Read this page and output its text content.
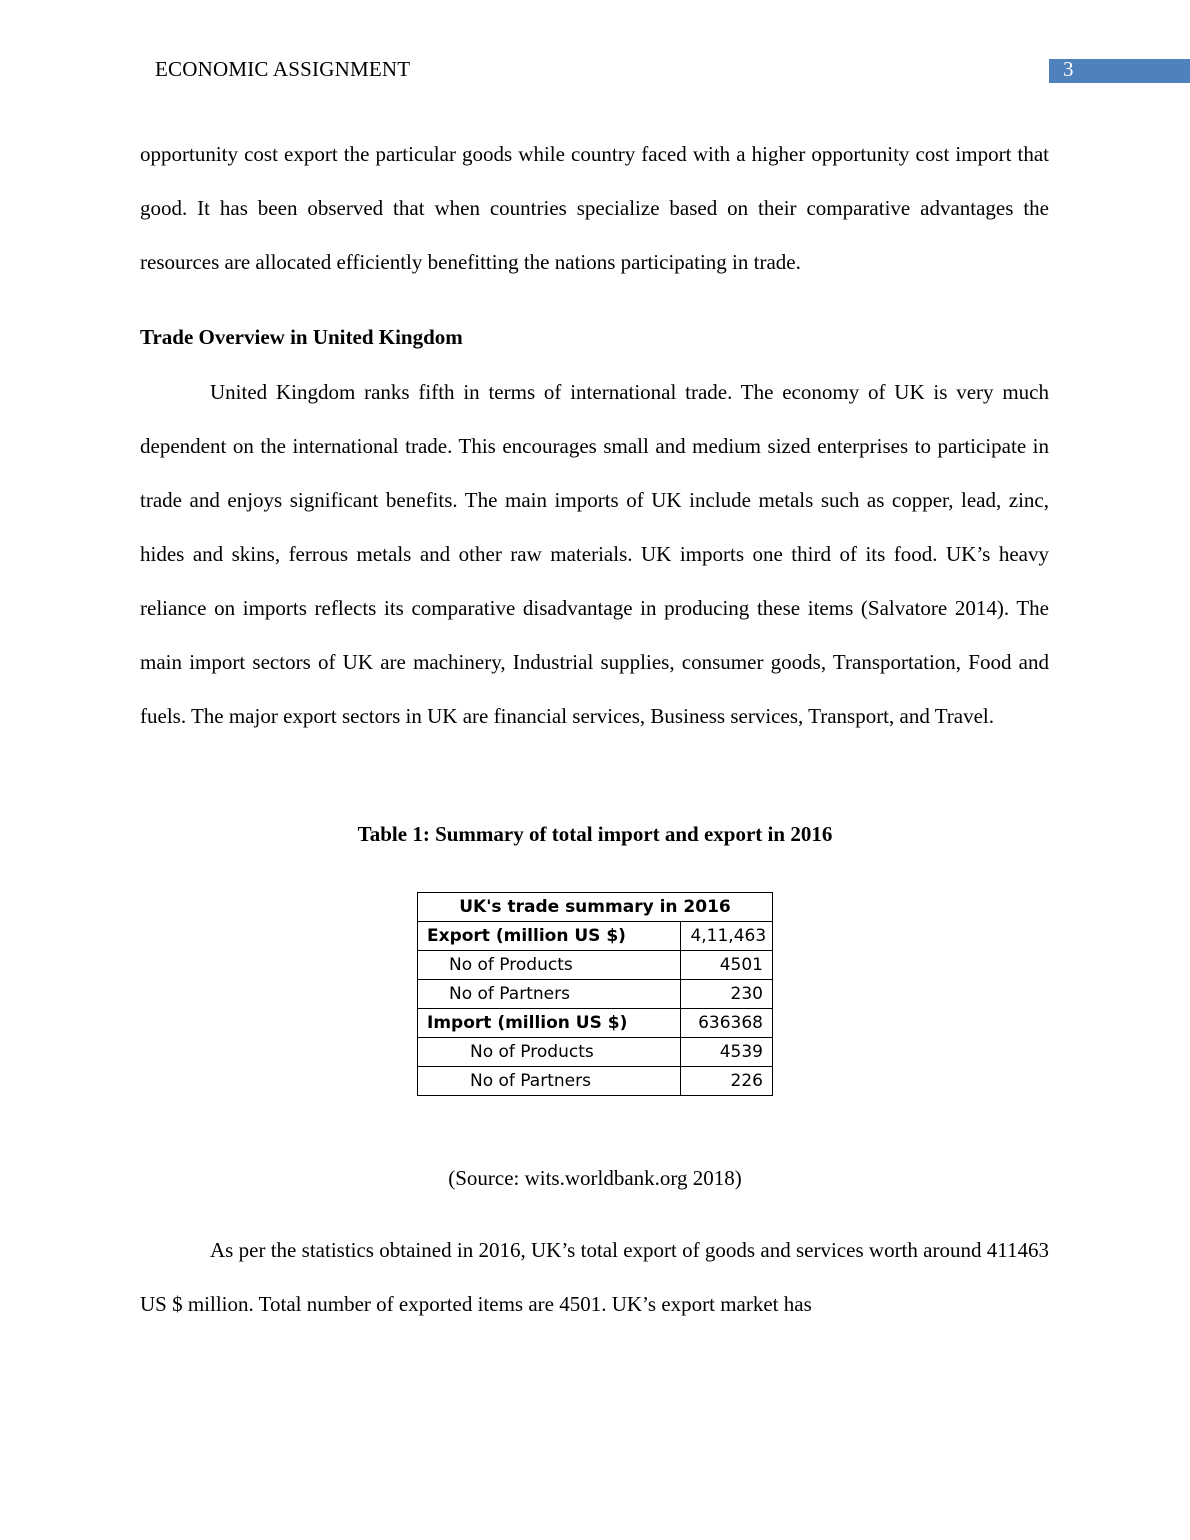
ECONOMIC ASSIGNMENT	3

opportunity cost export the particular goods while country faced with a higher opportunity cost import that good. It has been observed that when countries specialize based on their comparative advantages the resources are allocated efficiently benefitting the nations participating in trade.

Trade Overview in United Kingdom

United Kingdom ranks fifth in terms of international trade. The economy of UK is very much dependent on the international trade. This encourages small and medium sized enterprises to participate in trade and enjoys significant benefits. The main imports of UK include metals such as copper, lead, zinc, hides and skins, ferrous metals and other raw materials. UK imports one third of its food. UK’s heavy reliance on imports reflects its comparative disadvantage in producing these items (Salvatore 2014). The main import sectors of UK are machinery, Industrial supplies, consumer goods, Transportation, Food and fuels. The major export sectors in UK are financial services, Business services, Transport, and Travel.

Table 1: Summary of total import and export in 2016

UK's trade summary in 2016	
Export (million US $)	4,11,463
No of Products	4501
No of Partners	230
Import (million US $)	636368
No of Products	4539
No of Partners	226

(Source: wits.worldbank.org 2018)

As per the statistics obtained in 2016, UK’s total export of goods and services worth around 411463 US $ million. Total number of exported items are 4501. UK’s export market has
